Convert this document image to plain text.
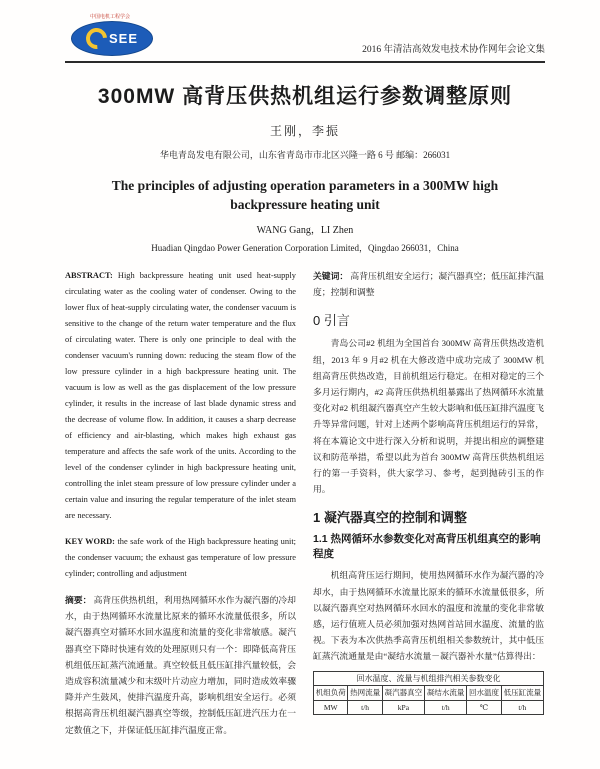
中国电机工程学会
SEE
2016 年清洁高效发电技术协作网年会论文集
300MW 高背压供热机组运行参数调整原则
王刚，李振
华电青岛发电有限公司，山东省青岛市市北区兴隆一路 6 号 邮编：266031
The principles of adjusting operation parameters in a 300MW high backpressure heating unit
WANG Gang，LI Zhen
Huadian Qingdao Power Generation Corporation Limited，Qingdao 266031，China

ABSTRACT: High backpressure heating unit used heat-supply circulating water as the cooling water of condenser. Owing to the lower flux of heat-supply circulating water, the condenser vacuum is sensitive to the change of the return water temperature and the flux of circulating water. There is only one principle to deal with the condenser vacuum's running down: reducing the steam flow of the low pressure cylinder in a high backpressure heating unit. The vacuum is low as well as the gas displacement of the low pressure cylinder, it results in the increase of last blade dynamic stress and the decrease of volume flow. In addition, it causes a sharp decrease of efficiency and air-blasting, which makes high exhaust gas temperature and affects the safe work of the units. According to the level of the condenser cylinder in high backpressure heating unit, controlling the inlet steam pressure of low pressure cylinder under a certain value and insuring the regular temperature of the inlet steam are necessary.

KEY WORD: the safe work of the High backpressure heating unit; the condenser vacuum; the exhaust gas temperature of low pressure cylinder; controlling and adjustment

摘要： 高背压供热机组，利用热网循环水作为凝汽器的冷却水，由于热网循环水流量比原来的循环水流量低很多，所以凝汽器真空对循环水回水温度和流量的变化非常敏感。凝汽器真空下降时快速有效的处理原则只有一个：即降低高背压机组低压缸蒸汽流通量。真空较低且低压缸排汽量较低，会造成容积流量减少和末级叶片动应力增加，同时造成效率骤降并产生鼓风，使排汽温度升高，影响机组安全运行。必须根据高背压机组凝汽器真空等级，控制低压缸进汽压力在一定数值之下，并保证低压缸排汽温度正常。

关键词： 高背压机组安全运行；凝汽器真空；低压缸排汽温度；控制和调整

0 引言

青岛公司#2 机组为全国首台 300MW 高背压供热改造机组，2013 年 9 月#2 机在大修改造中成功完成了 300MW 机组高背压供热改造，目前机组运行稳定。在相对稳定的三个多月运行期内，#2 高背压供热机组暴露出了热网循环水流量变化对#2 机组凝汽器真空产生较大影响和低压缸排汽温度飞升等异常问题，针对上述两个影响高背压机组运行的异常，将在本篇论文中进行深入分析和说明，并提出相应的调整建议和防范举措，希望以此为首台 300MW 高背压供热机组运行的第一手资料，供大家学习、参考，起到抛砖引玉的作用。

1 凝汽器真空的控制和调整
1.1 热网循环水参数变化对高背压机组真空的影响程度

机组高背压运行期间，使用热网循环水作为凝汽器的冷却水，由于热网循环水流量比原来的循环水流量低很多，所以凝汽器真空对热网循环水回水的温度和流量的变化非常敏感，运行值班人员必须加强对热网首站回水温度、流量的监视。下表为本次供热季高背压机组相关参数统计，其中低压缸蒸汽流通量是由“凝结水流量－凝汽器补水量”估算得出：

回水温度、流量与机组排汽相关参数变化					
机组负荷	热网流量	凝汽器真空	凝结水流量	回水温度	低压缸流量
MW	t/h	kPa	t/h	℃	t/h
